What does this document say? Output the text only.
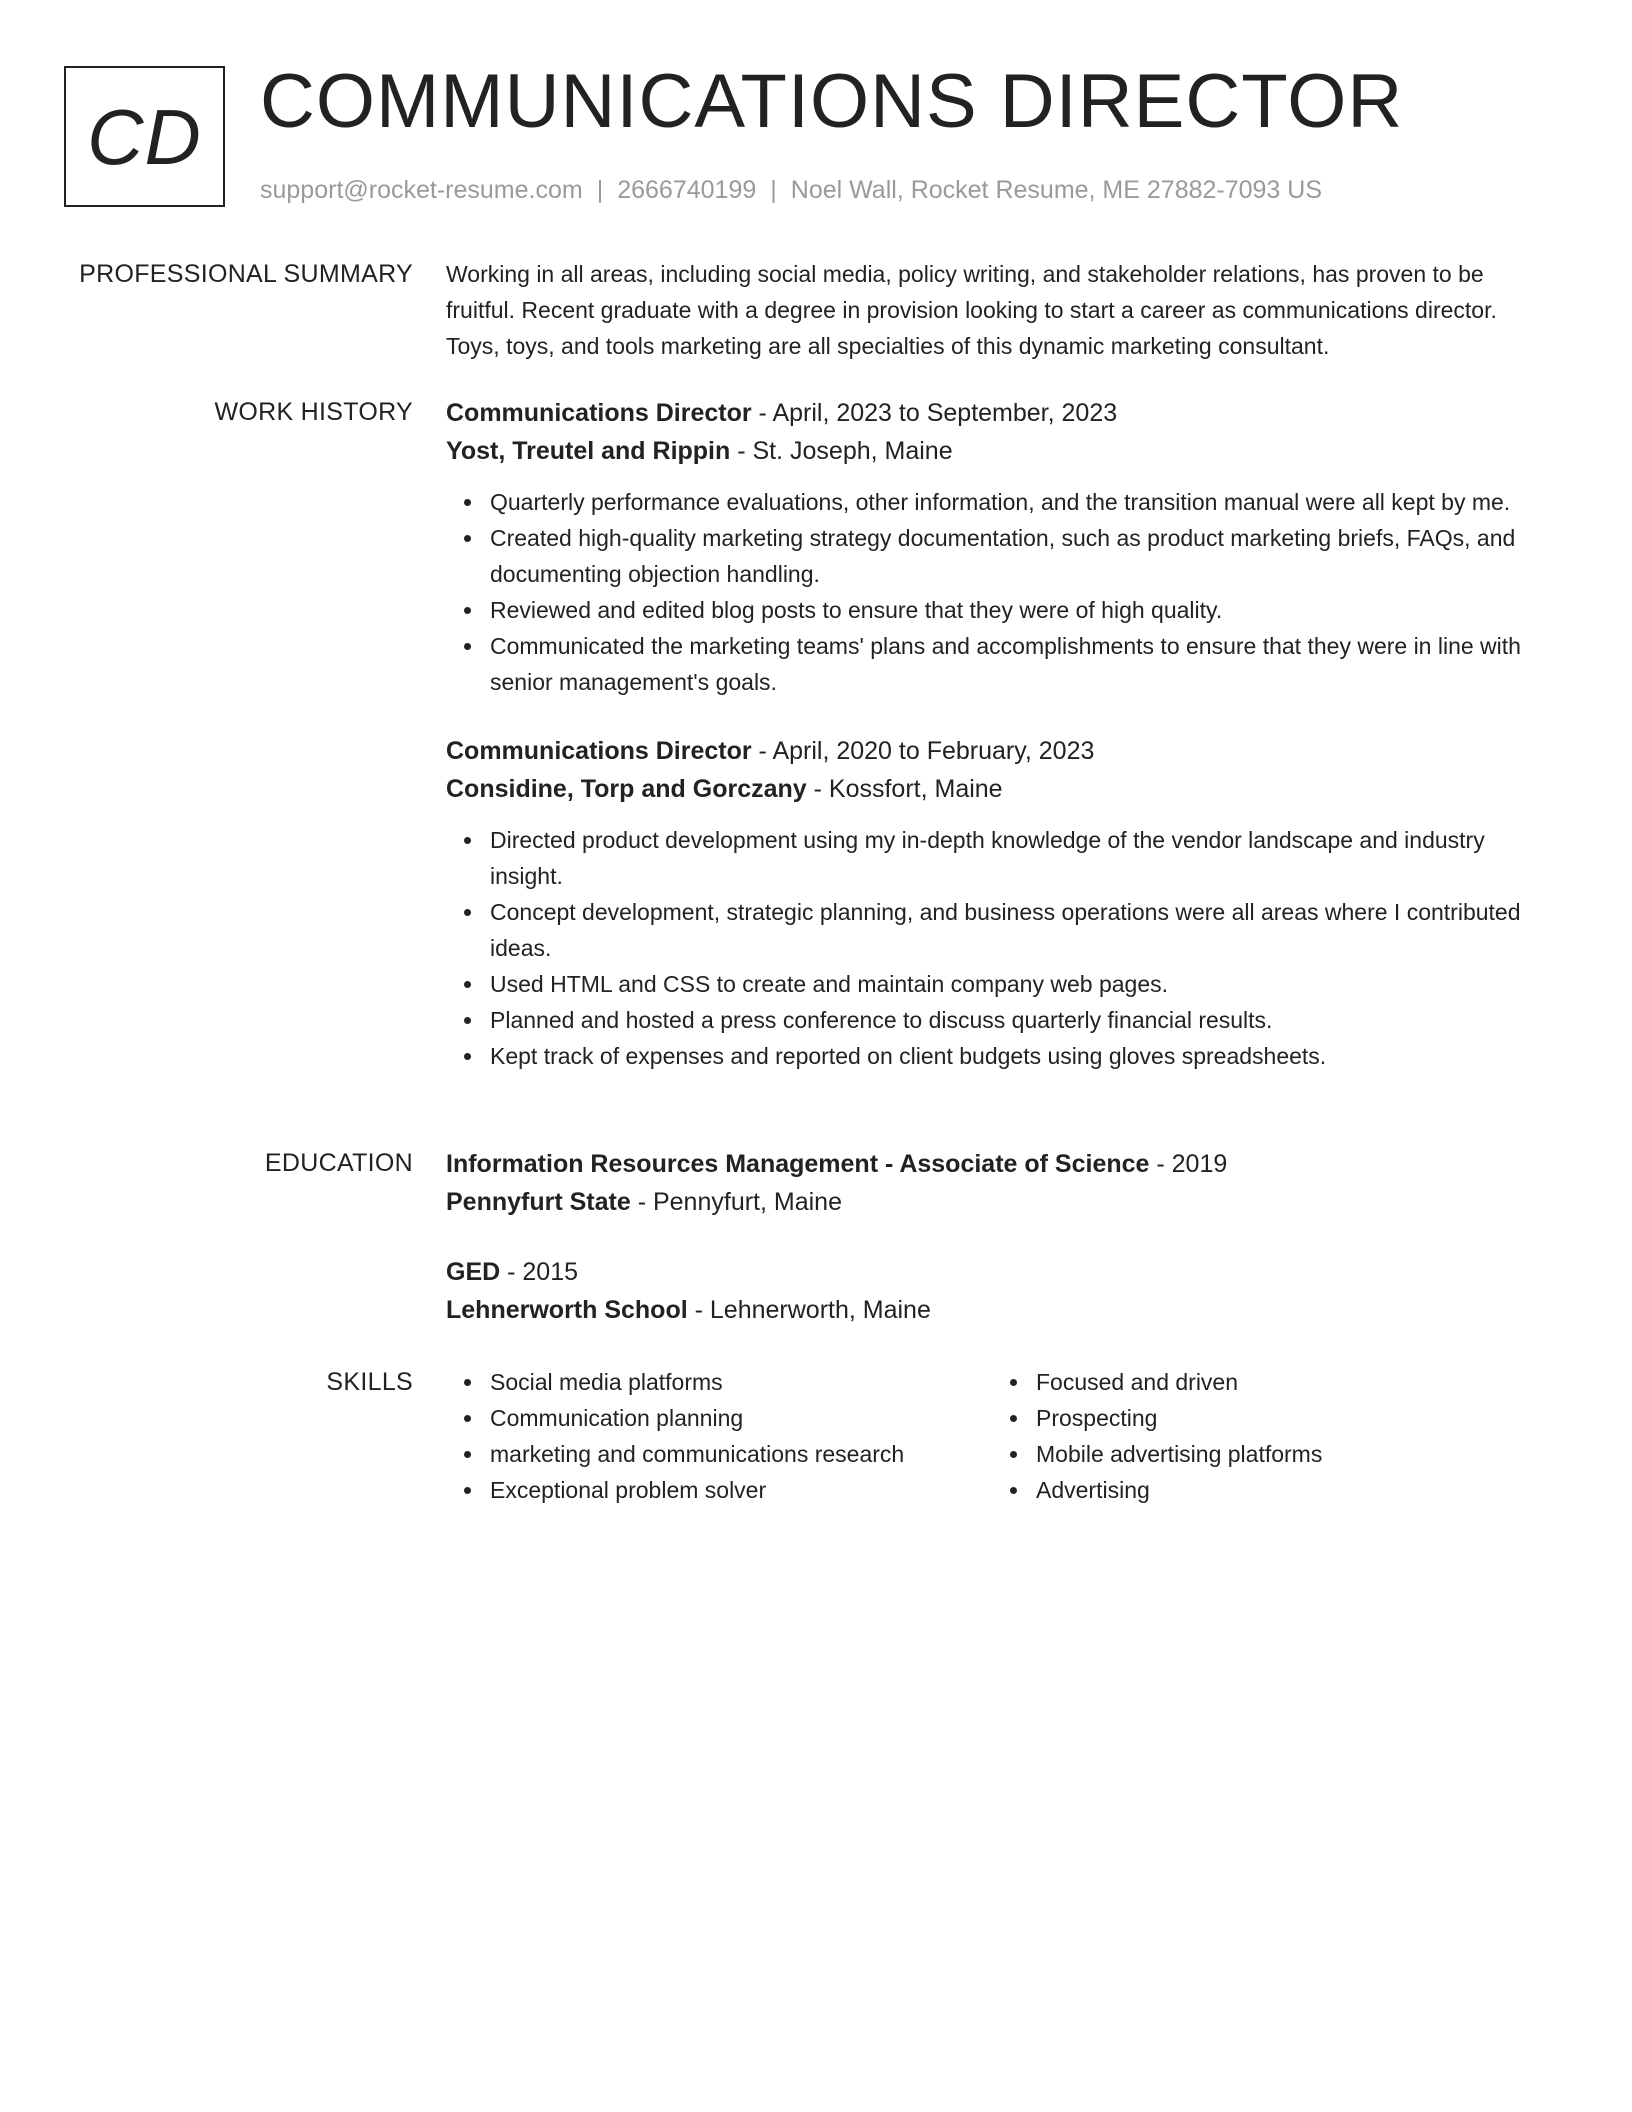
CD COMMUNICATIONS DIRECTOR
support@rocket-resume.com | 2666740199 | Noel Wall, Rocket Resume, ME 27882-7093 US
PROFESSIONAL SUMMARY Working in all areas, including social media, policy writing, and stakeholder relations, has proven to be fruitful. Recent graduate with a degree in provision looking to start a career as communications director. Toys, toys, and tools marketing are all specialties of this dynamic marketing consultant.

WORK HISTORY Communications Director - April, 2023 to September, 2023
Yost, Treutel and Rippin - St. Joseph, Maine
Quarterly performance evaluations, other information, and the transition manual were all kept by me.
Created high-quality marketing strategy documentation, such as product marketing briefs, FAQs, and documenting objection handling.
Reviewed and edited blog posts to ensure that they were of high quality.
Communicated the marketing teams' plans and accomplishments to ensure that they were in line with senior management's goals.
Communications Director - April, 2020 to February, 2023
Considine, Torp and Gorczany - Kossfort, Maine
Directed product development using my in-depth knowledge of the vendor landscape and industry insight.
Concept development, strategic planning, and business operations were all areas where I contributed ideas.
Used HTML and CSS to create and maintain company web pages.
Planned and hosted a press conference to discuss quarterly financial results.
Kept track of expenses and reported on client budgets using gloves spreadsheets.
EDUCATION Information Resources Management - Associate of Science - 2019
Pennyfurt State - Pennyfurt, Maine
GED - 2015
Lehnerworth School - Lehnerworth, Maine
SKILLS	Social media platforms
Communication planning
marketing and communications research
Exceptional problem solver
Focused and driven
Prospecting
Mobile advertising platforms
Advertising
